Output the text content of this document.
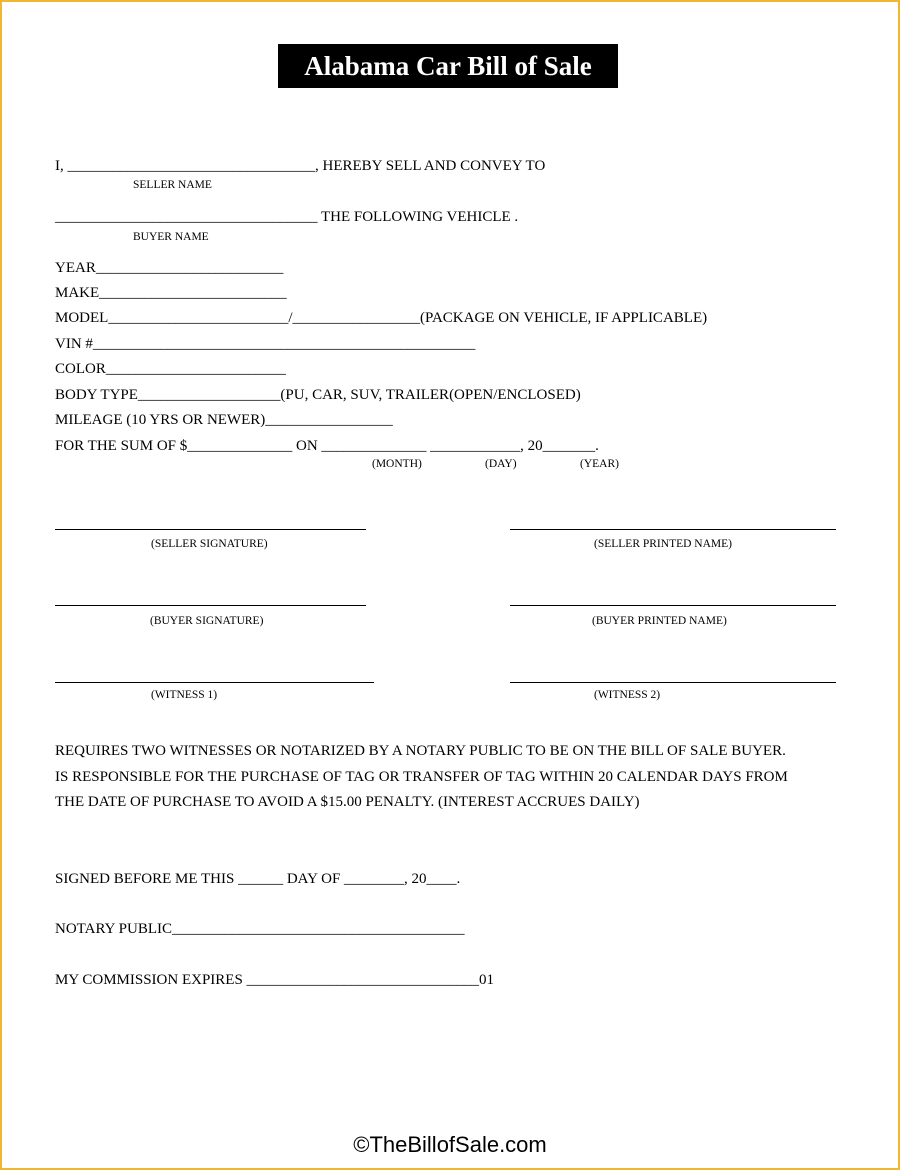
Alabama Car Bill of Sale
I, _________________________________, HEREBY SELL AND CONVEY TO
SELLER NAME
___________________________________ THE FOLLOWING VEHICLE .
BUYER NAME
YEAR_________________________
MAKE_________________________
MODEL________________________/_________________(PACKAGE ON VEHICLE, IF APPLICABLE)
VIN #___________________________________________________
COLOR________________________
BODY TYPE___________________(PU, CAR, SUV, TRAILER(OPEN/ENCLOSED)
MILEAGE (10 YRS OR NEWER)_________________
FOR THE SUM OF $______________ ON ______________ ____________, 20_______.
(MONTH)	(DAY)	(YEAR)
(SELLER SIGNATURE)	(SELLER PRINTED NAME)
(BUYER SIGNATURE)	(BUYER PRINTED NAME)
(WITNESS 1)	(WITNESS 2)
REQUIRES TWO WITNESSES OR NOTARIZED BY A NOTARY PUBLIC TO BE ON THE BILL OF SALE BUYER.
IS RESPONSIBLE FOR THE PURCHASE OF TAG OR TRANSFER OF TAG WITHIN 20 CALENDAR DAYS FROM
THE DATE OF PURCHASE TO AVOID A $15.00 PENALTY. (INTEREST ACCRUES DAILY)
SIGNED BEFORE ME THIS ______ DAY OF ________, 20____.
NOTARY PUBLIC_______________________________________
MY COMMISSION EXPIRES _______________________________01
©TheBillofSale.com
